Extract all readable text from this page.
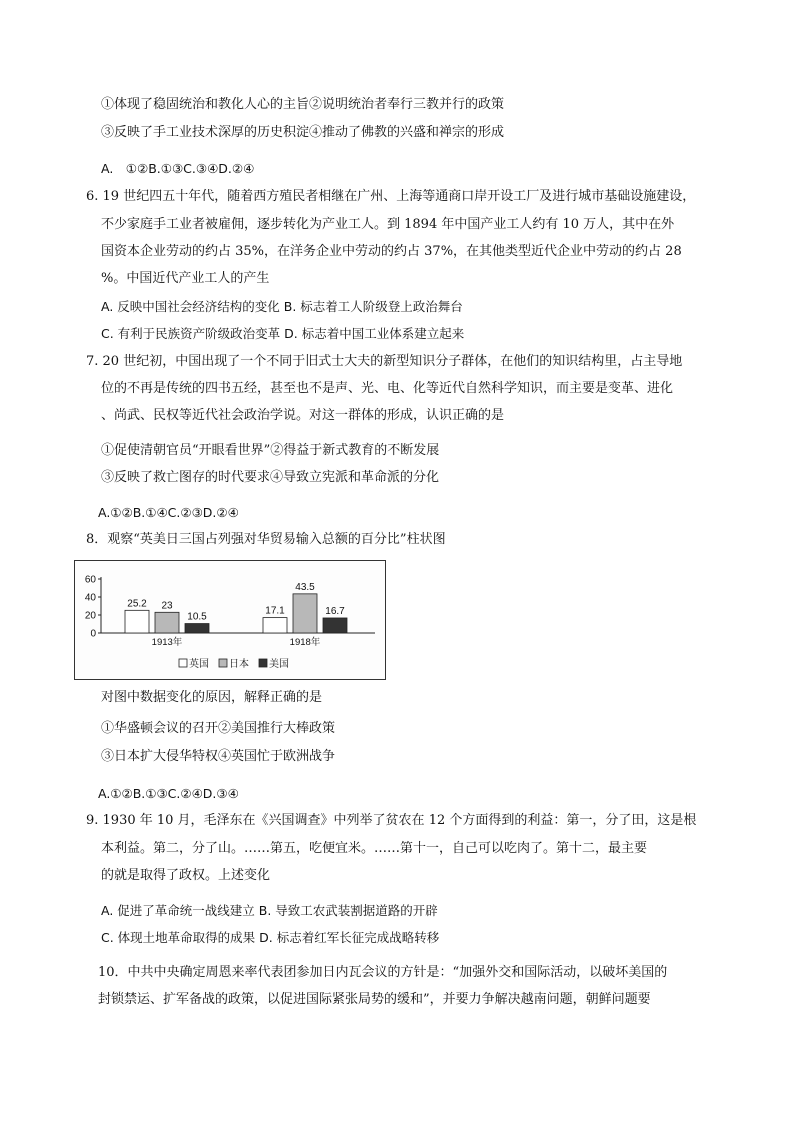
①体现了稳固统治和教化人心的主旨②说明统治者奉行三教并行的政策
③反映了手工业技术深厚的历史积淀④推动了佛教的兴盛和禅宗的形成
A.　①②B.①③C.③④D.②④
6. 19 世纪四五十年代，随着西方殖民者相继在广州、上海等通商口岸开设工厂及进行城市基础设施建设，
不少家庭手工业者被雇佣，逐步转化为产业工人。到 1894 年中国产业工人约有 10 万人，其中在外
国资本企业劳动的约占 35%，在洋务企业中劳动的约占 37%，在其他类型近代企业中劳动的约占 28
%。中国近代产业工人的产生
A. 反映中国社会经济结构的变化 B. 标志着工人阶级登上政治舞台
C. 有利于民族资产阶级政治变革 D. 标志着中国工业体系建立起来
7. 20 世纪初，中国出现了一个不同于旧式士大夫的新型知识分子群体，在他们的知识结构里，占主导地
位的不再是传统的四书五经，甚至也不是声、光、电、化等近代自然科学知识，而主要是变革、进化
、尚武、民权等近代社会政治学说。对这一群体的形成，认识正确的是
①促使清朝官员“开眼看世界”②得益于新式教育的不断发展
③反映了救亡图存的时代要求④导致立宪派和革命派的分化
A.①②B.①④C.②③D.②④
8．观察“英美日三国占列强对华贸易输入总额的百分比”柱状图
0
20
40
60
25.2 23
10.5
1913年
17.1
43.5
16.7
1918年
英国 日本 美国
对图中数据变化的原因，解释正确的是
①华盛顿会议的召开②美国推行大棒政策
③日本扩大侵华特权④英国忙于欧洲战争
A.①②B.①③C.②④D.③④
9. 1930 年 10 月，毛泽东在《兴国调查》中列举了贫农在 12 个方面得到的利益：第一，分了田，这是根
本利益。第二，分了山。……第五，吃便宜米。……第十一，自己可以吃肉了。第十二，最主要
的就是取得了政权。上述变化
A. 促进了革命统一战线建立 B. 导致工农武装割据道路的开辟
C. 体现土地革命取得的成果 D. 标志着红军长征完成战略转移
10．中共中央确定周恩来率代表团参加日内瓦会议的方针是：“加强外交和国际活动，以破坏美国的
封锁禁运、扩军备战的政策，以促进国际紧张局势的缓和”，并要力争解决越南问题，朝鲜问题要
